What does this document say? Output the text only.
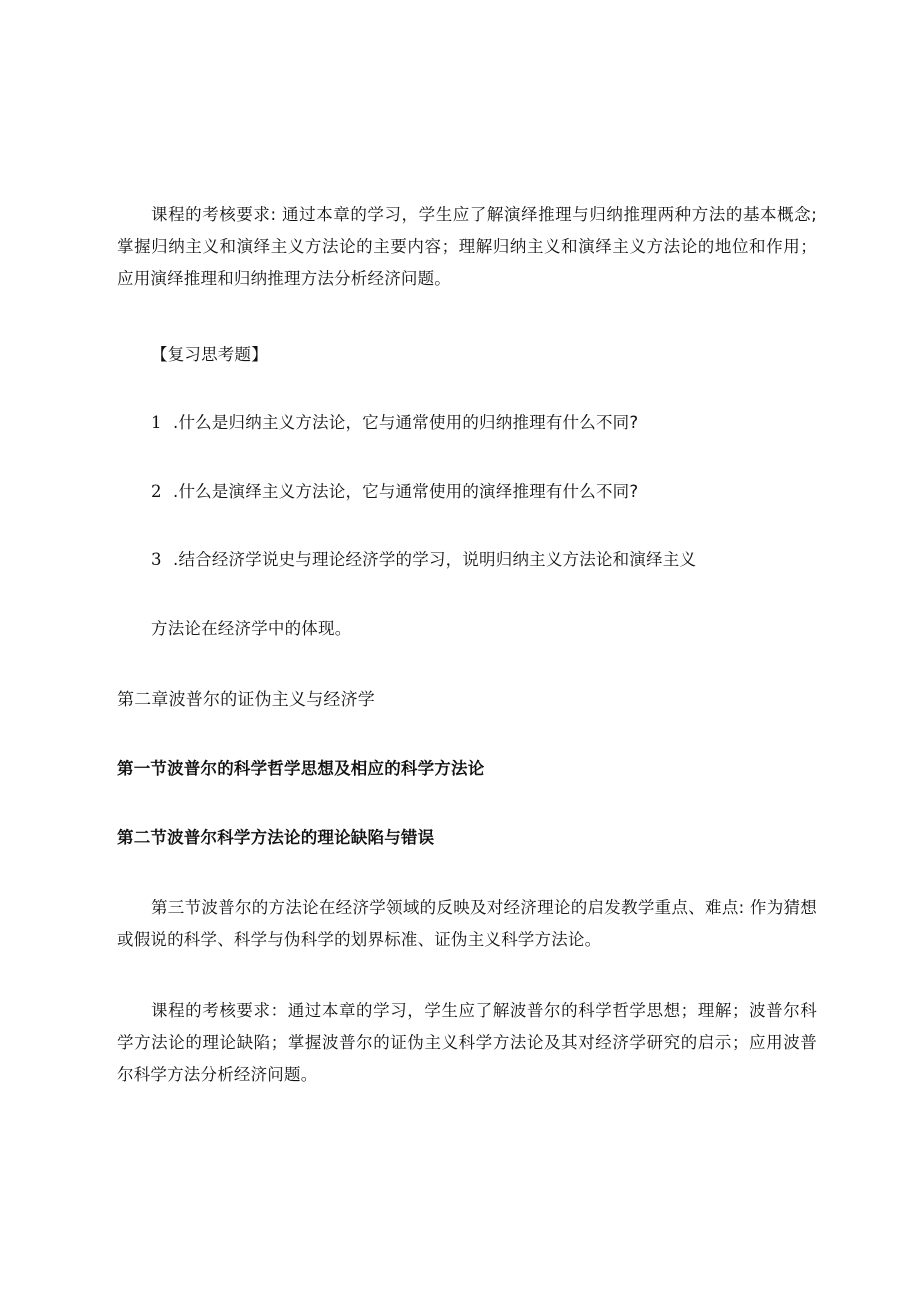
课程的考核要求: 通过本章的学习，学生应了解演绎推理与归纳推理两种方法的基本概念; 掌握归纳主义和演绎主义方法论的主要内容；理解归纳主义和演绎主义方法论的地位和作用；应用演绎推理和归纳推理方法分析经济问题。
【复习思考题】
1 .什么是归纳主义方法论，它与通常使用的归纳推理有什么不同?
2 .什么是演绎主义方法论，它与通常使用的演绎推理有什么不同?
3 .结合经济学说史与理论经济学的学习，说明归纳主义方法论和演绎主义
方法论在经济学中的体现。
第二章波普尔的证伪主义与经济学
第一节波普尔的科学哲学思想及相应的科学方法论
第二节波普尔科学方法论的理论缺陷与错误
第三节波普尔的方法论在经济学领域的反映及对经济理论的启发教学重点、难点: 作为猜想或假说的科学、科学与伪科学的划界标准、证伪主义科学方法论。
课程的考核要求：通过本章的学习，学生应了解波普尔的科学哲学思想；理解；波普尔科学方法论的理论缺陷；掌握波普尔的证伪主义科学方法论及其对经济学研究的启示；应用波普尔科学方法分析经济问题。
